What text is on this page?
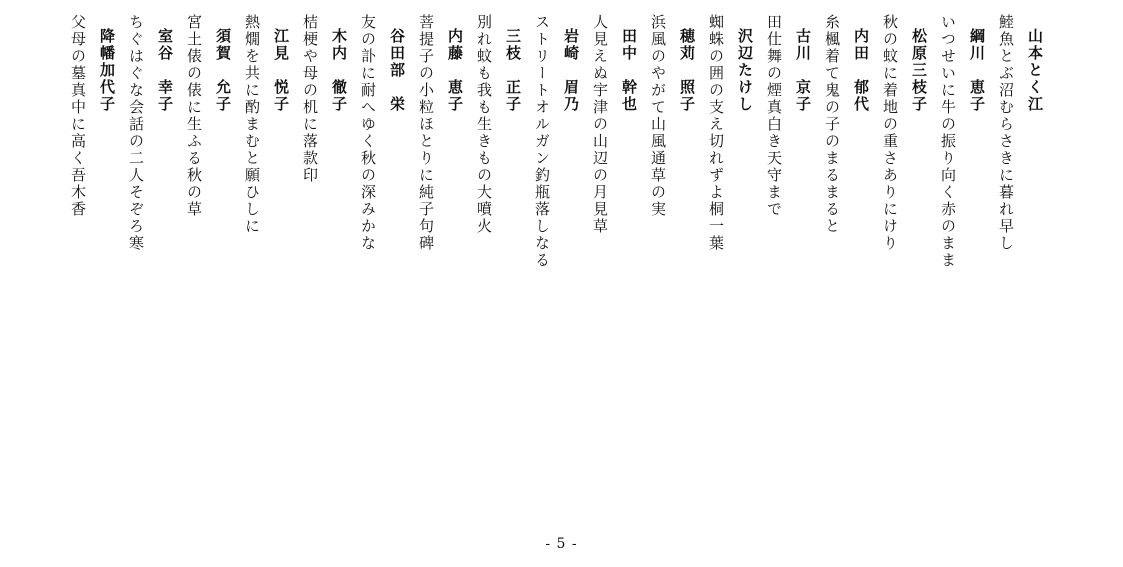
山本とく江
鯥魚とぶ沼むらさきに暮れ早し
綱川　恵子
いつせいに牛の振り向く赤のまま
松原三枝子
秋の蚊に着地の重さありにけり
内田　郁代
糸楓着て鬼の子のまるまると
古川　京子
田仕舞の煙真白き天守まで
沢辺たけし
蜘蛛の囲の支え切れずよ桐一葉
穂苅　照子
浜風のやがて山風通草の実
田中　幹也
人見えぬ宇津の山辺の月見草
岩崎　眉乃
ストリートオルガン釣瓶落しなる
三枝　正子
別れ蚊も我も生きもの大噴火
内藤　恵子
菩提子の小粒ほとりに純子句碑
谷田部　栄
友の訃に耐へゆく秋の深みかな
木内　徹子
桔梗や母の机に落款印
江見　悦子
熱燗を共に酌まむと願ひしに
須賀　允子
宮土俵の俵に生ふる秋の草
室谷　幸子
ちぐはぐな会話の二人そぞろ寒
降幡加代子
父母の墓真中に高く吾木香
- 5 -
